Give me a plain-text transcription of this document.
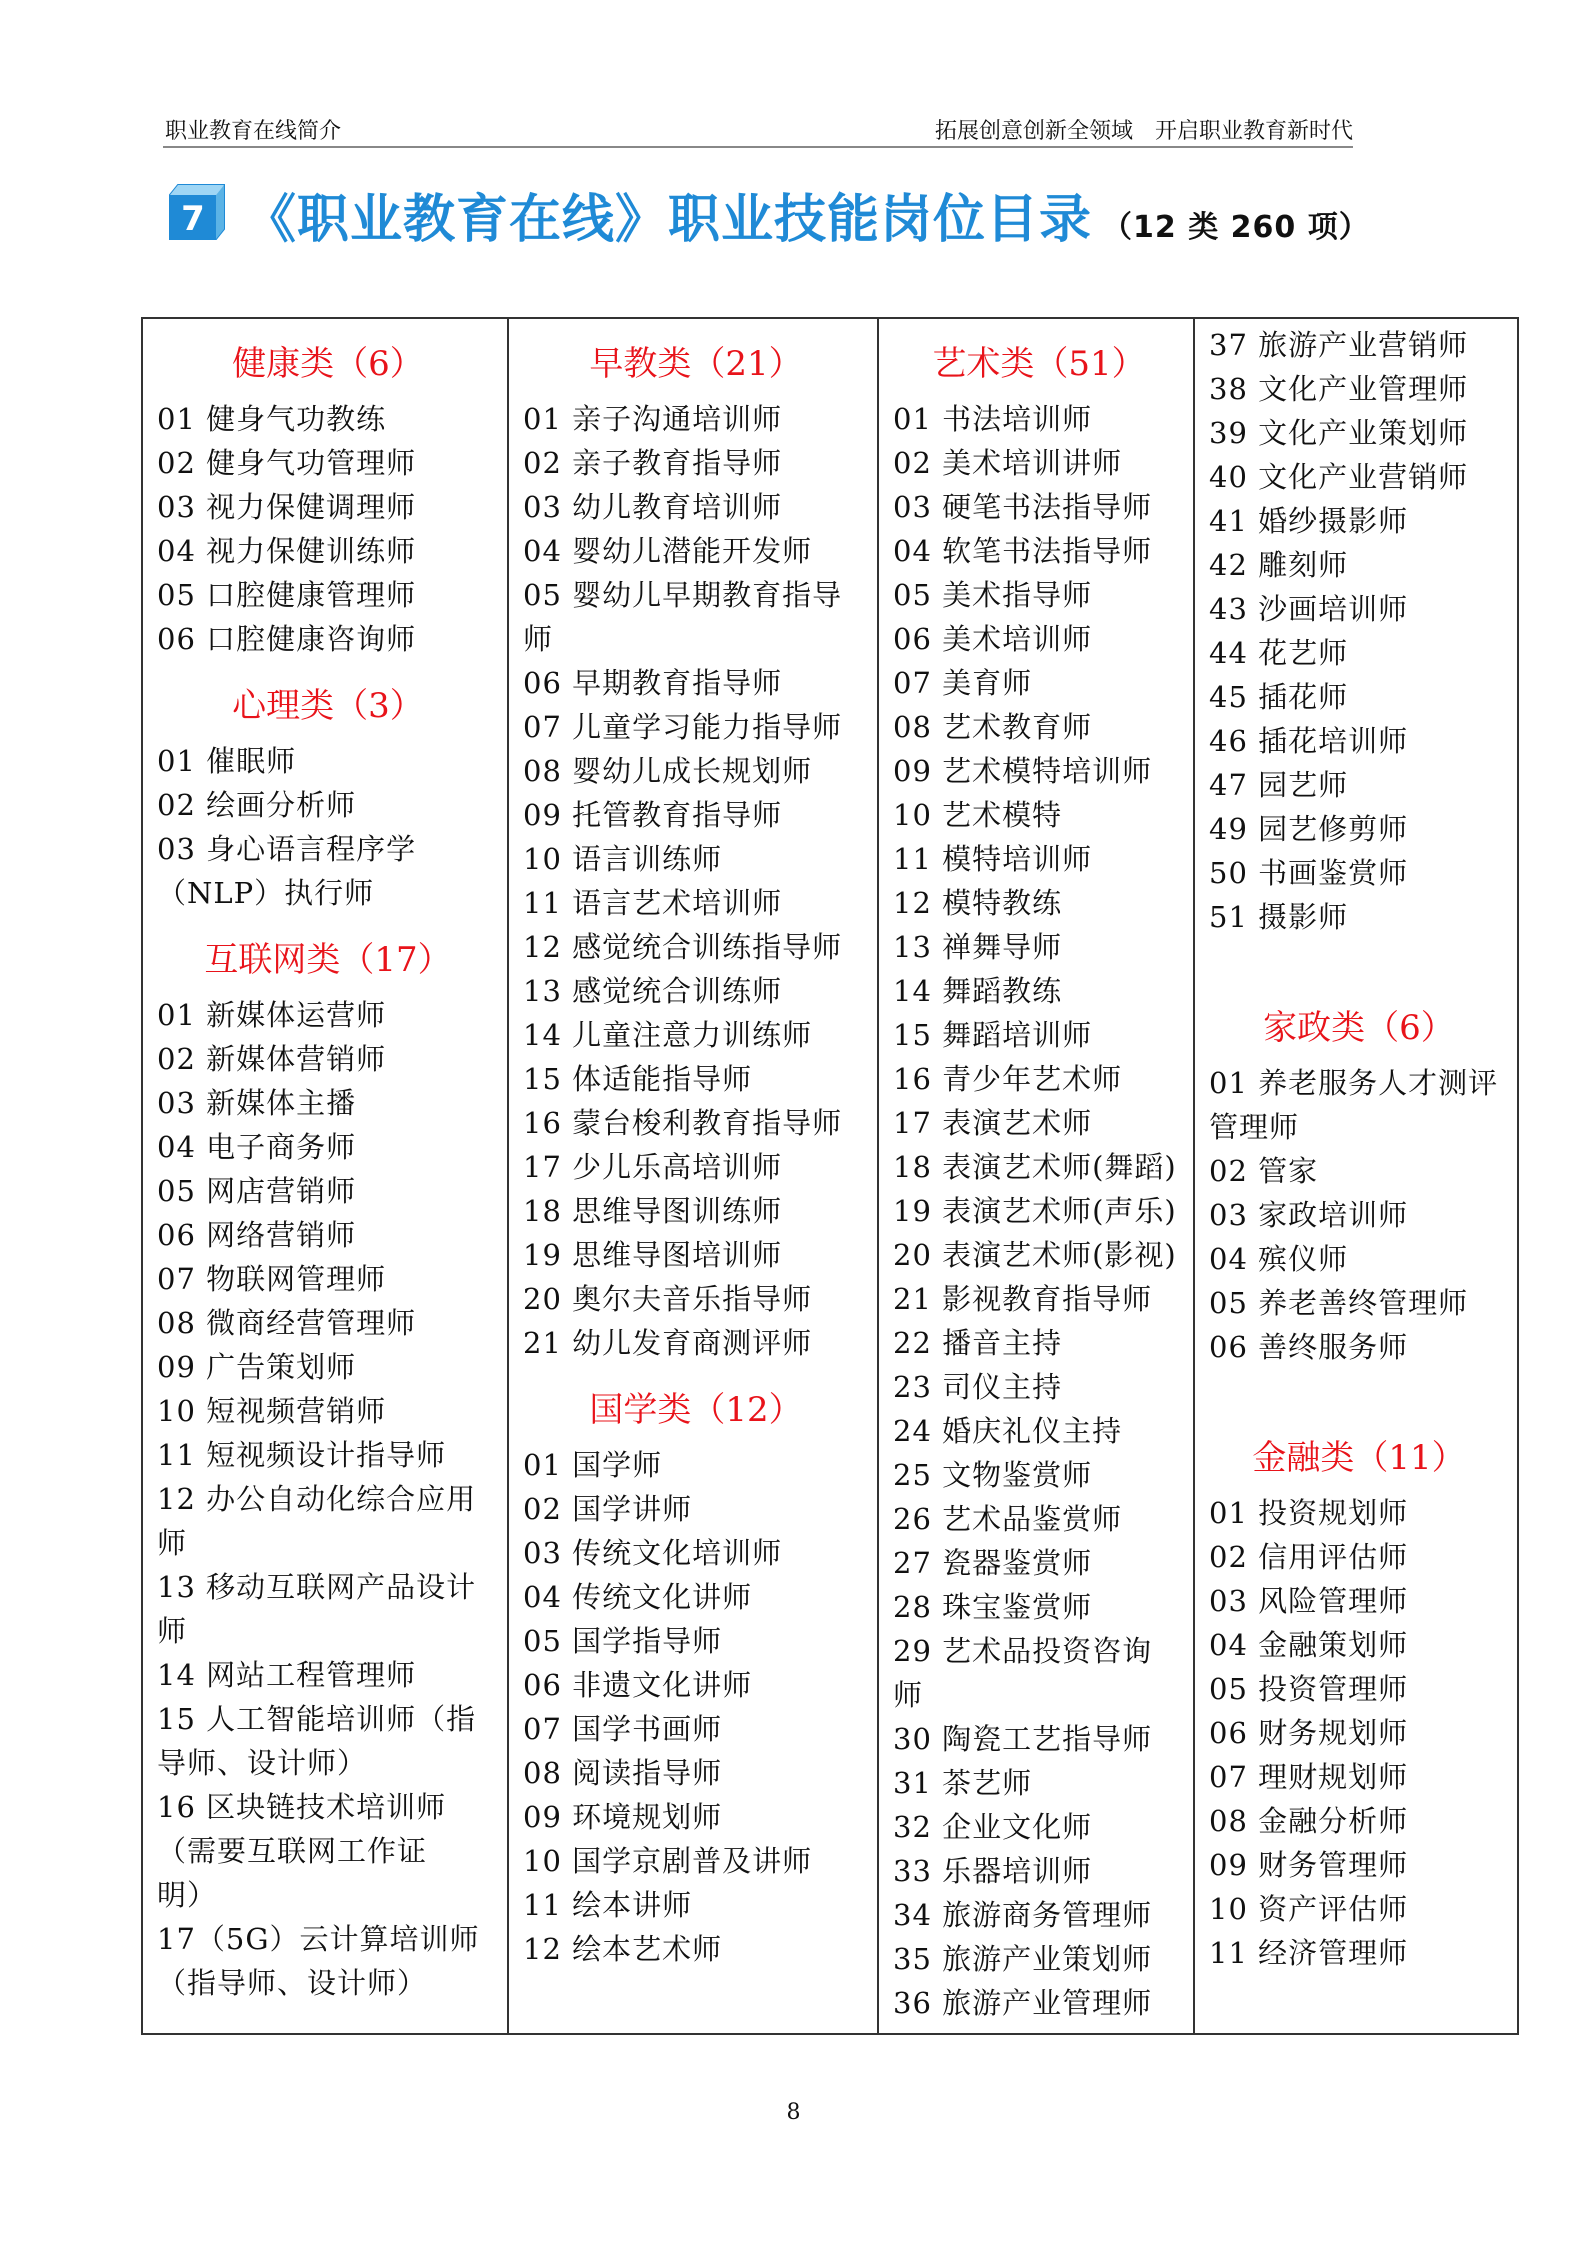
职业教育在线简介	拓展创意创新全领域　开启职业教育新时代
7 《职业教育在线》职业技能岗位目录 （12 类 260 项）
健康类（6）
01 健身气功教练
02 健身气功管理师
03 视力保健调理师
04 视力保健训练师
05 口腔健康管理师
06 口腔健康咨询师
心理类（3）
01 催眠师
02 绘画分析师
03 身心语言程序学
（NLP）执行师
互联网类（17）
01 新媒体运营师
02 新媒体营销师
03 新媒体主播
04 电子商务师
05 网店营销师
06 网络营销师
07 物联网管理师
08 微商经营管理师
09 广告策划师
10 短视频营销师
11 短视频设计指导师
12 办公自动化综合应用
师
13 移动互联网产品设计
师
14 网站工程管理师
15 人工智能培训师（指
导师、设计师）
16 区块链技术培训师
（需要互联网工作证
明）
17（5G）云计算培训师
（指导师、设计师）
早教类（21）
01 亲子沟通培训师
02 亲子教育指导师
03 幼儿教育培训师
04 婴幼儿潜能开发师
05 婴幼儿早期教育指导
师
06 早期教育指导师
07 儿童学习能力指导师
08 婴幼儿成长规划师
09 托管教育指导师
10 语言训练师
11 语言艺术培训师
12 感觉统合训练指导师
13 感觉统合训练师
14 儿童注意力训练师
15 体适能指导师
16 蒙台梭利教育指导师
17 少儿乐高培训师
18 思维导图训练师
19 思维导图培训师
20 奥尔夫音乐指导师
21 幼儿发育商测评师
国学类（12）
01 国学师
02 国学讲师
03 传统文化培训师
04 传统文化讲师
05 国学指导师
06 非遗文化讲师
07 国学书画师
08 阅读指导师
09 环境规划师
10 国学京剧普及讲师
11 绘本讲师
12 绘本艺术师
艺术类（51）
01 书法培训师
02 美术培训讲师
03 硬笔书法指导师
04 软笔书法指导师
05 美术指导师
06 美术培训师
07 美育师
08 艺术教育师
09 艺术模特培训师
10 艺术模特
11 模特培训师
12 模特教练
13 禅舞导师
14 舞蹈教练
15 舞蹈培训师
16 青少年艺术师
17 表演艺术师
18 表演艺术师(舞蹈)
19 表演艺术师(声乐)
20 表演艺术师(影视)
21 影视教育指导师
22 播音主持
23 司仪主持
24 婚庆礼仪主持
25 文物鉴赏师
26 艺术品鉴赏师
27 瓷器鉴赏师
28 珠宝鉴赏师
29 艺术品投资咨询
师
30 陶瓷工艺指导师
31 茶艺师
32 企业文化师
33 乐器培训师
34 旅游商务管理师
35 旅游产业策划师
36 旅游产业管理师
37 旅游产业营销师
38 文化产业管理师
39 文化产业策划师
40 文化产业营销师
41 婚纱摄影师
42 雕刻师
43 沙画培训师
44 花艺师
45 插花师
46 插花培训师
47 园艺师
49 园艺修剪师
50 书画鉴赏师
51 摄影师
家政类（6）
01 养老服务人才测评
管理师
02 管家
03 家政培训师
04 殡仪师
05 养老善终管理师
06 善终服务师
金融类（11）
01 投资规划师
02 信用评估师
03 风险管理师
04 金融策划师
05 投资管理师
06 财务规划师
07 理财规划师
08 金融分析师
09 财务管理师
10 资产评估师
11 经济管理师
8
